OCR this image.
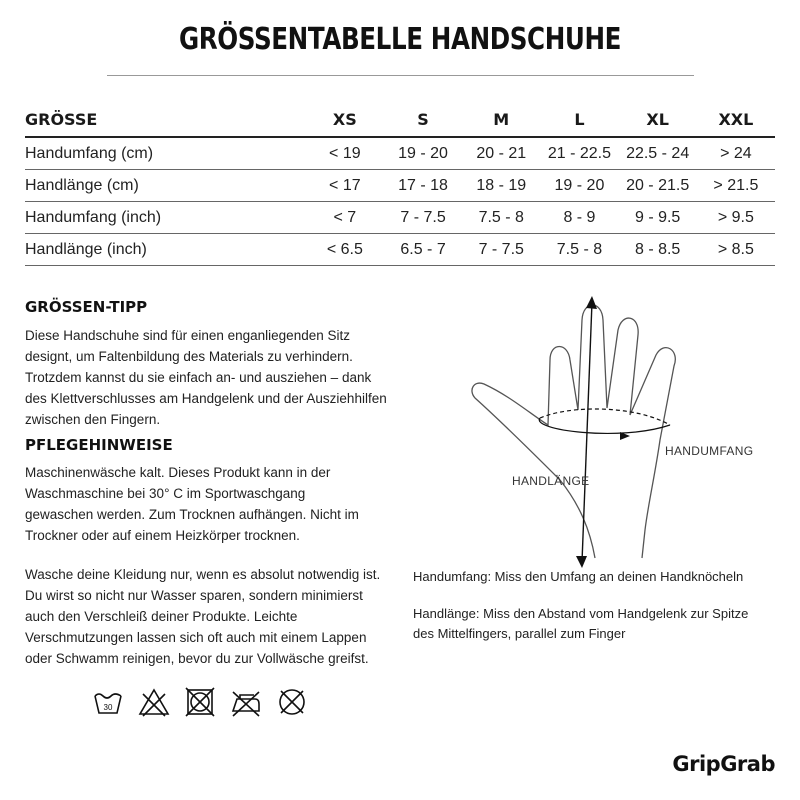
GRÖSSENTABELLE HANDSCHUHE
GRÖSSE	XS	S	M	L	XL	XXL
Handumfang (cm)	< 19	19 - 20	20 - 21	21 - 22.5	22.5 - 24	> 24
Handlänge (cm)	< 17	17 - 18	18 - 19	19 - 20	20 - 21.5	> 21.5
Handumfang (inch)	< 7	7 - 7.5	7.5 - 8	8 - 9	9 - 9.5	> 9.5
Handlänge (inch)	< 6.5	6.5 - 7	7 - 7.5	7.5 - 8	8 - 8.5	> 8.5
GRÖSSEN-TIPP
Diese Handschuhe sind für einen enganliegenden Sitz designt, um Faltenbildung des Materials zu verhindern. Trotzdem kannst du sie einfach an- und ausziehen – dank des Klettverschlusses am Handgelenk und der Ausziehhilfen zwischen den Fingern.
PFLEGEHINWEISE
Maschinenwäsche kalt. Dieses Produkt kann in der Waschmaschine bei 30° C im Sportwaschgang gewaschen werden. Zum Trocknen aufhängen. Nicht im Trockner oder auf einem Heizkörper trocknen.
Wasche deine Kleidung nur, wenn es absolut notwendig ist. Du wirst so nicht nur Wasser sparen, sondern minimierst auch den Verschleiß deiner Produkte. Leichte Verschmutzungen lassen sich oft auch mit einem Lappen oder Schwamm reinigen, bevor du zur Vollwäsche greifst.
30
HANDUMFANG
HANDLÄNGE
Handumfang: Miss den Umfang an deinen Handknöcheln
Handlänge: Miss den Abstand vom Handgelenk zur Spitze des Mittelfingers, parallel zum Finger
GripGrab
